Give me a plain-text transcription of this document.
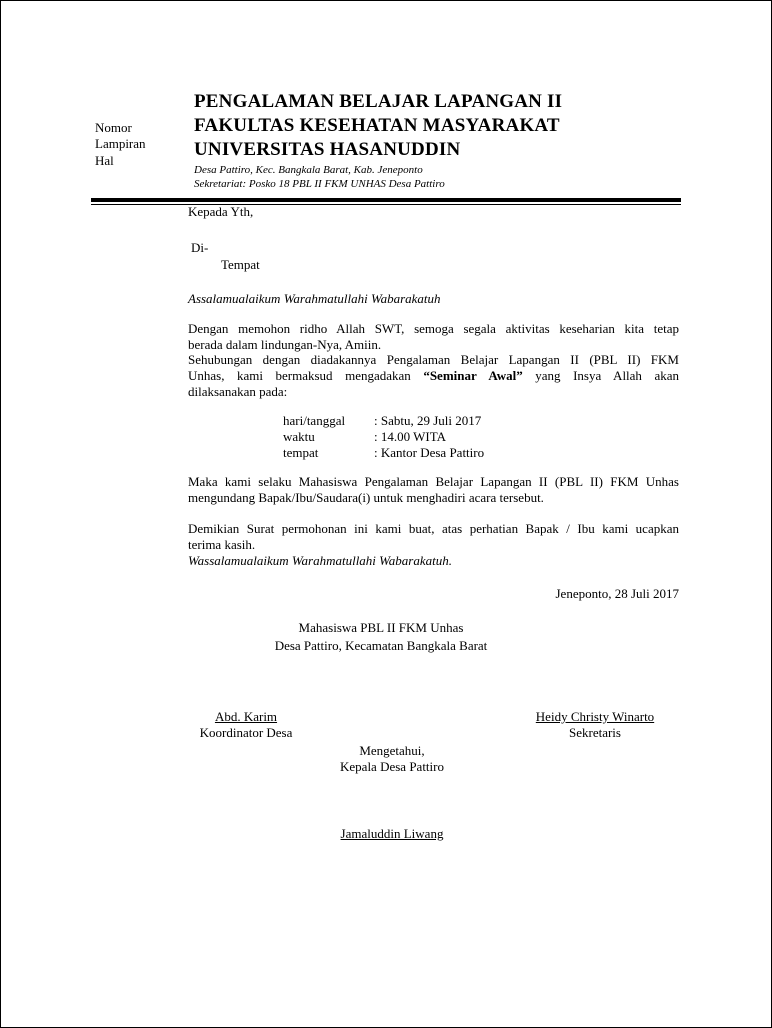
Nomor
Lampiran
Hal
PENGALAMAN BELAJAR LAPANGAN II
FAKULTAS KESEHATAN MASYARAKAT
UNIVERSITAS HASANUDDIN
Desa Pattiro, Kec. Bangkala Barat, Kab. Jeneponto
Sekretariat: Posko 18 PBL II FKM UNHAS Desa Pattiro
Kepada Yth,
Di-
Tempat
Assalamualaikum Warahmatullahi Wabarakatuh
Dengan memohon ridho Allah SWT, semoga segala aktivitas keseharian kita tetap
berada dalam lindungan-Nya, Amiin.
Sehubungan dengan diadakannya Pengalaman Belajar Lapangan II (PBL II) FKM
Unhas, kami bermaksud mengadakan “Seminar Awal” yang Insya Allah akan
dilaksanakan pada:
hari/tanggal : Sabtu, 29 Juli 2017
waktu	: 14.00 WITA
tempat	: Kantor Desa Pattiro
Maka kami selaku Mahasiswa Pengalaman Belajar Lapangan II (PBL II) FKM Unhas
mengundang Bapak/Ibu/Saudara(i) untuk menghadiri acara tersebut.
Demikian Surat permohonan ini kami buat, atas perhatian Bapak / Ibu kami ucapkan
terima kasih.
Wassalamualaikum Warahmatullahi Wabarakatuh.
Jeneponto, 28 Juli 2017
Mahasiswa PBL II FKM Unhas
Desa Pattiro, Kecamatan Bangkala Barat
Abd. Karim
Koordinator Desa
Heidy Christy Winarto
Sekretaris
Mengetahui,
Kepala Desa Pattiro
Jamaluddin Liwang
